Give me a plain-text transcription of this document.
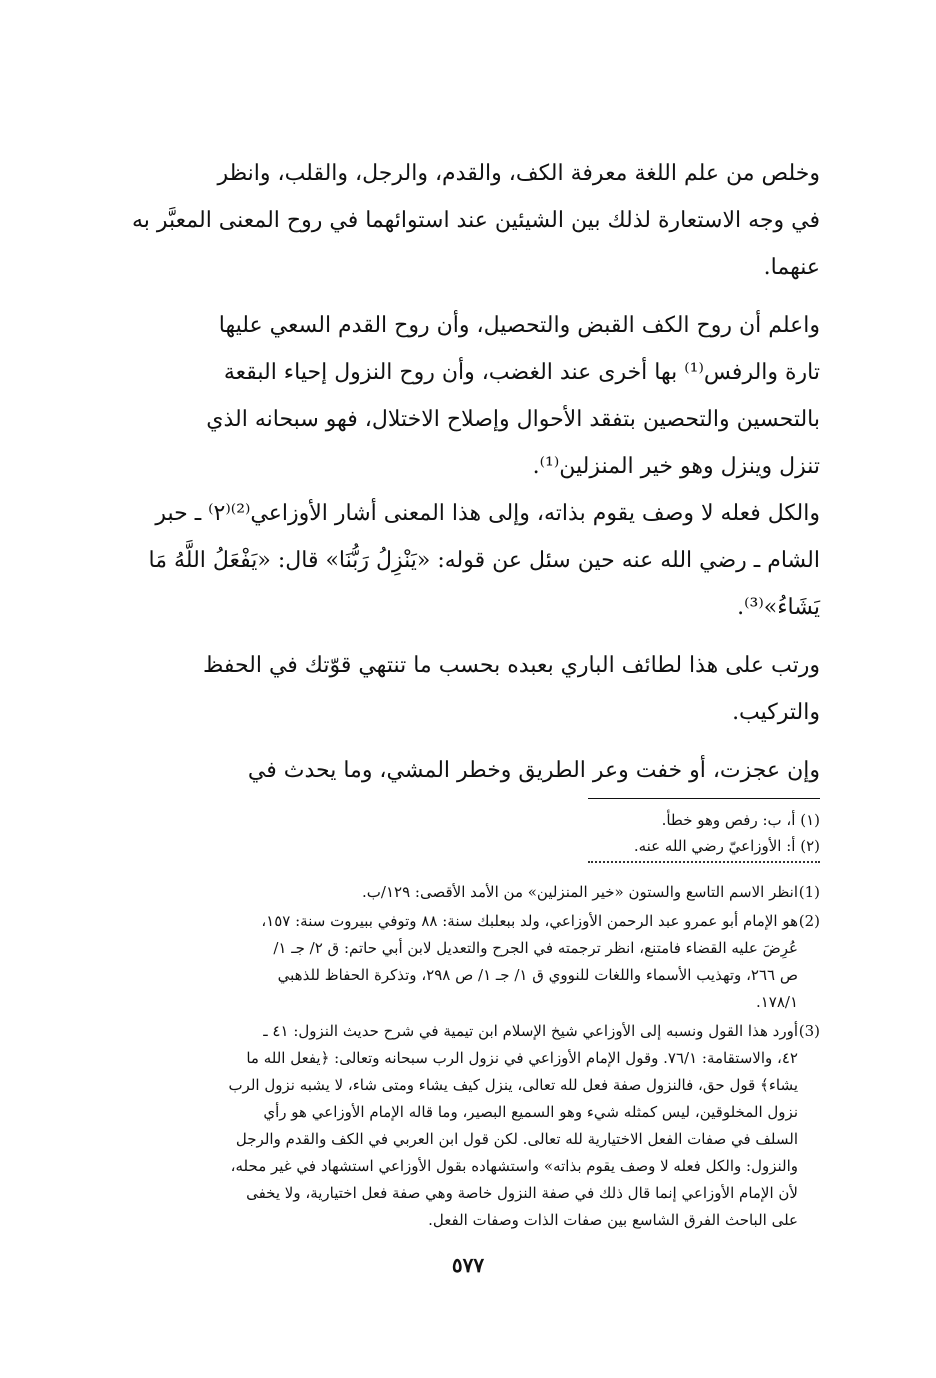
وخلص من علم اللغة معرفة الكف، والقدم، والرجل، والقلب، وانظر
في وجه الاستعارة لذلك بين الشيئين عند استوائهما في روح المعنى المعبَّر به
عنهما.

واعلم أن روح الكف القبض والتحصيل، وأن روح القدم السعي عليها
تارة والرفس⁽¹⁾ بها أخرى عند الغضب، وأن روح النزول إحياء البقعة
بالتحسين والتحصين بتفقد الأحوال وإصلاح الاختلال، فهو سبحانه الذي
تنزل وينزل وهو خير المنزلين⁽¹⁾.

والكل فعله لا وصف يقوم بذاته، وإلى هذا المعنى أشار الأوزاعي⁽²⁾⁽٢⁾ ـ حبر
الشام ـ رضي الله عنه حين سئل عن قوله: «يَنْزِلُ رَبُّنَا» قال: «يَفْعَلُ اللَّهُ مَا
يَشَاءُ»⁽³⁾.

ورتب على هذا لطائف الباري بعبده بحسب ما تنتهي قوّتك في الحفظ
والتركيب.

وإن عجزت، أو خفت وعر الطريق وخطر المشي، وما يحدث في

(١) أ، ب: رفص وهو خطأ.
(٢) أ: الأوزاعيّ رضي الله عنه.
(1)
انظر الاسم التاسع والستون «خير المنزلين» من الأمد الأقصى: ١٢٩/ب.
(2)
هو الإمام أبو عمرو عبد الرحمن الأوزاعي، ولد ببعلبك سنة: ٨٨ وتوفي ببيروت سنة: ١٥٧،
عُرِضَ عليه القضاء فامتنع، انظر ترجمته في الجرح والتعديل لابن أبي حاتم: ق ٢/ جـ ١/
ص ٢٦٦، وتهذيب الأسماء واللغات للنووي ق ١/ جـ ١/ ص ٢٩٨، وتذكرة الحفاظ للذهبي
١٧٨/١.
(3)
أورد هذا القول ونسبه إلى الأوزاعي شيخ الإسلام ابن تيمية في شرح حديث النزول: ٤١ ـ
٤٢، والاستقامة: ٧٦/١. وقول الإمام الأوزاعي في نزول الرب سبحانه وتعالى: ﴿يفعل الله ما
يشاء﴾ قول حق، فالنزول صفة فعل لله تعالى، ينزل كيف يشاء ومتى شاء، لا يشبه نزول الرب
نزول المخلوقين، ليس كمثله شيء وهو السميع البصير، وما قاله الإمام الأوزاعي هو رأي
السلف في صفات الفعل الاختيارية لله تعالى. لكن قول ابن العربي في الكف والقدم والرجل
والنزول: والكل فعله لا وصف يقوم بذاته» واستشهاده بقول الأوزاعي استشهاد في غير محله،
لأن الإمام الأوزاعي إنما قال ذلك في صفة النزول خاصة وهي صفة فعل اختيارية، ولا يخفى
على الباحث الفرق الشاسع بين صفات الذات وصفات الفعل.
٥٧٧
